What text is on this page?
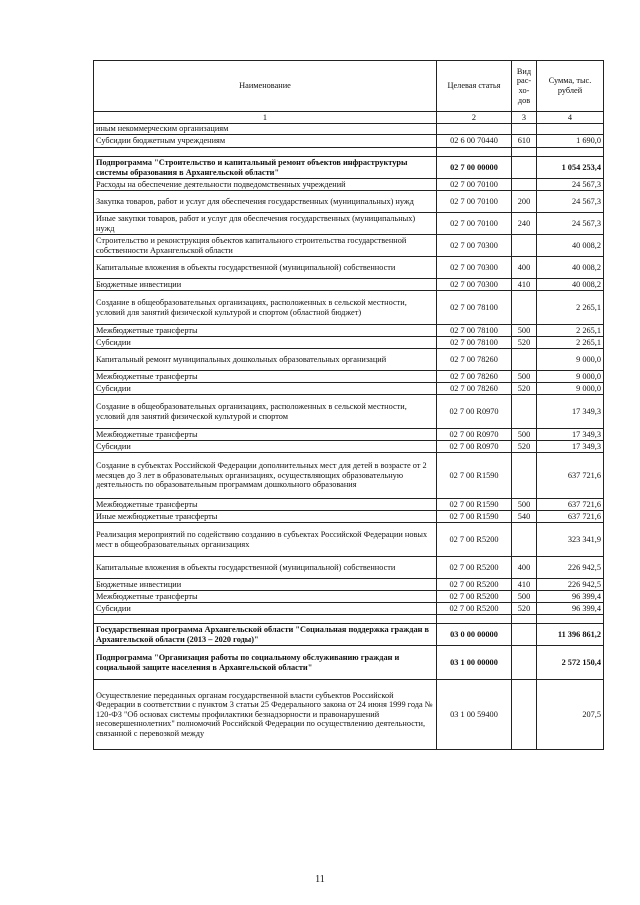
Наименование	Целевая статья	Вид рас-хо-дов	Сумма, тыс. рублей
1	2	3	4
иным некоммерческим организациям			
Субсидии бюджетным учреждениям	02 6 00 70440	610	1 690,0

Подпрограмма "Строительство и капитальный ремонт объектов инфраструктуры системы образования в Архангельской области"	02 7 00 00000		1 054 253,4
Расходы на обеспечение деятельности подведомственных учреждений	02 7 00 70100		24 567,3
Закупка товаров, работ и услуг для обеспечения государственных (муниципальных) нужд	02 7 00 70100	200	24 567,3
Иные закупки товаров, работ и услуг для обеспечения государственных (муниципальных) нужд	02 7 00 70100	240	24 567,3
Строительство и реконструкция объектов капитального строительства государственной собственности Архангельской области	02 7 00 70300		40 008,2
Капитальные вложения в объекты государственной (муниципальной) собственности	02 7 00 70300	400	40 008,2
Бюджетные инвестиции	02 7 00 70300	410	40 008,2
Создание в общеобразовательных организациях, расположенных в сельской местности, условий для занятий физической культурой и спортом (областной бюджет)	02 7 00 78100		2 265,1
Межбюджетные трансферты	02 7 00 78100	500	2 265,1
Субсидии	02 7 00 78100	520	2 265,1
Капитальный ремонт муниципальных дошкольных образовательных организаций	02 7 00 78260		9 000,0
Межбюджетные трансферты	02 7 00 78260	500	9 000,0
Субсидии	02 7 00 78260	520	9 000,0
Создание в общеобразовательных организациях, расположенных в сельской местности, условий для занятий физической культурой и спортом	02 7 00 R0970		17 349,3
Межбюджетные трансферты	02 7 00 R0970	500	17 349,3
Субсидии	02 7 00 R0970	520	17 349,3
Создание в субъектах Российской Федерации дополнительных мест для детей в возрасте от 2 месяцев до 3 лет в образовательных организациях, осуществляющих образовательную деятельность по образовательным программам дошкольного образования	02 7 00 R1590		637 721,6
Межбюджетные трансферты	02 7 00 R1590	500	637 721,6
Иные межбюджетные трансферты	02 7 00 R1590	540	637 721,6
Реализация мероприятий по содействию созданию в субъектах Российской Федерации новых мест в общеобразовательных организациях	02 7 00 R5200		323 341,9
Капитальные вложения в объекты государственной (муниципальной) собственности	02 7 00 R5200	400	226 942,5
Бюджетные инвестиции	02 7 00 R5200	410	226 942,5
Межбюджетные трансферты	02 7 00 R5200	500	96 399,4
Субсидии	02 7 00 R5200	520	96 399,4

Государственная программа Архангельской области "Социальная поддержка граждан в Архангельской области (2013 – 2020 годы)"	03 0 00 00000		11 396 861,2
Подпрограмма "Организация работы по социальному обслуживанию граждан и социальной защите населения в Архангельской области"	03 1 00 00000		2 572 150,4
Осуществление переданных органам государственной власти субъектов Российской Федерации в соответствии с пунктом 3 статьи 25 Федерального закона от 24 июня 1999 года № 120-ФЗ "Об основах системы профилактики безнадзорности и правонарушений несовершеннолетних" полномочий Российской Федерации по осуществлению деятельности, связанной с перевозкой между	03 1 00 59400		207,5
11
